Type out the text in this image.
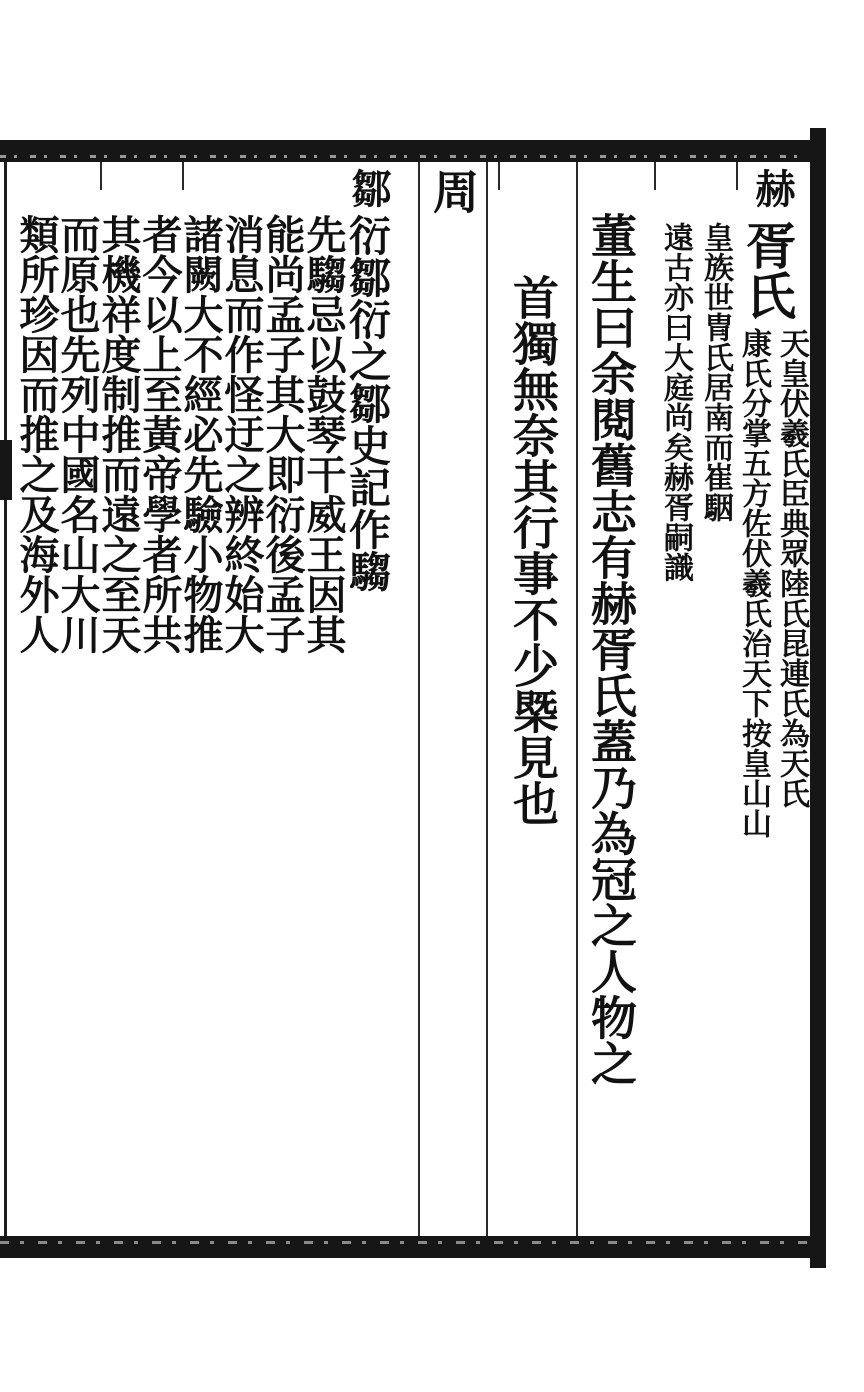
赫
胥氏
天皇伏羲氏臣典眾陸氏昆連氏為天氏
康氏分掌五方佐伏羲氏治天下按皇山山
皇族世冑氏居南而崔駰
遠古亦曰大庭尚矣赫胥嗣識
董生曰余閱舊志有赫胥氏蓋乃為冠之人物之
首獨無奈其行事不少槩見也
周
鄒
衍鄒衍之鄒史記作騶
先騶忌以鼓琴干威王因其
能尚孟子其大即衍後孟子
消息而作怪迂之辨終始大
諸闕大不經必先驗小物推
者今以上至黃帝學者所共
其機祥度制推而遠之至天
而原也先列中國名山大川
類所珍因而推之及海外人
